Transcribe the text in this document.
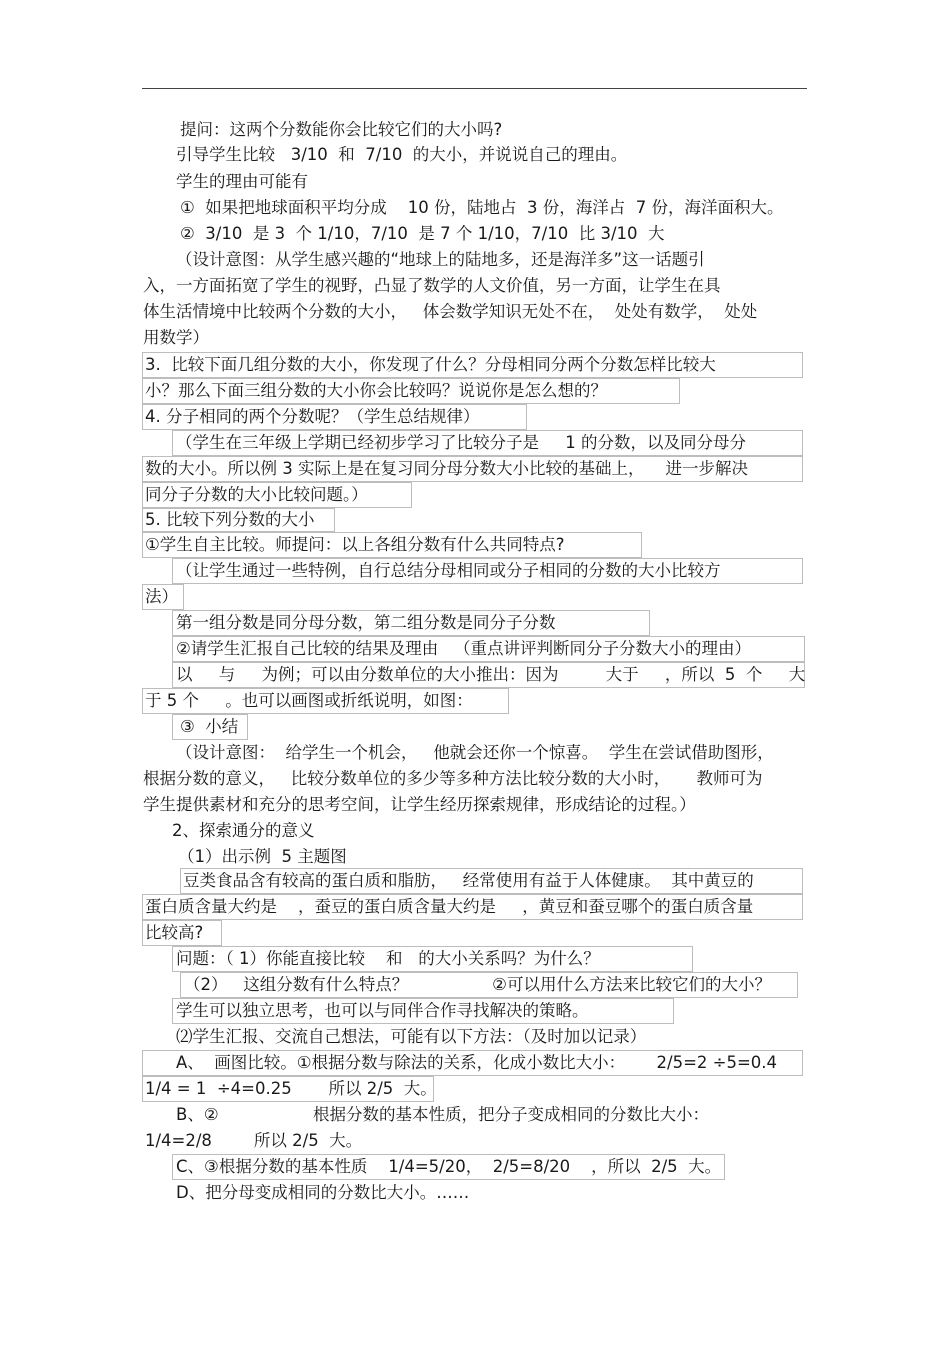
提问：这两个分数能你会比较它们的大小吗?
引导学生比较   3/10  和  7/10  的大小，并说说自己的理由。
学生的理由可能有
①  如果把地球面积平均分成    10 份，陆地占  3 份，海洋占  7 份，海洋面积大。
②  3/10  是 3  个 1/10，7/10  是 7 个 1/10，7/10  比 3/10  大
（设计意图：从学生感兴趣的“地球上的陆地多，还是海洋多”这一话题引
入，一方面拓宽了学生的视野，凸显了数学的人文价值，另一方面，让学生在具
体生活情境中比较两个分数的大小，   体会数学知识无处不在，  处处有数学，  处处
用数学）
3.  比较下面几组分数的大小，你发现了什么？分母相同分两个分数怎样比较大
小？那么下面三组分数的大小你会比较吗？说说你是怎么想的？
4. 分子相同的两个分数呢？（学生总结规律）
（学生在三年级上学期已经初步学习了比较分子是     1 的分数，以及同分母分
数的大小。所以例 3 实际上是在复习同分母分数大小比较的基础上，    进一步解决
同分子分数的大小比较问题。）
5. 比较下列分数的大小
①学生自主比较。师提问：以上各组分数有什么共同特点?
（让学生通过一些特例，自行总结分母相同或分子相同的分数的大小比较方
法）
第一组分数是同分母分数，第二组分数是同分子分数
②请学生汇报自己比较的结果及理由   （重点讲评判断同分子分数大小的理由）
以     与     为例；可以由分数单位的大小推出：因为         大于     ，所以  5  个     大
于 5 个     。也可以画图或折纸说明，如图：
③  小结
（设计意图：  给学生一个机会，   他就会还你一个惊喜。  学生在尝试借助图形，
根据分数的意义，   比较分数单位的多少等多种方法比较分数的大小时，     教师可为
学生提供素材和充分的思考空间，让学生经历探索规律，形成结论的过程。）
2、探索通分的意义
（1）出示例  5 主题图
豆类食品含有较高的蛋白质和脂肪，   经常使用有益于人体健康。  其中黄豆的
蛋白质含量大约是    ，蚕豆的蛋白质含量大约是     ，黄豆和蚕豆哪个的蛋白质含量
比较高?
问题：（ 1）你能直接比较    和   的大小关系吗？为什么？
（2）   这组分数有什么特点？                ②可以用什么方法来比较它们的大小？
学生可以独立思考，也可以与同伴合作寻找解决的策略。
⑵学生汇报、交流自己想法，可能有以下方法：（及时加以记录）
A、  画图比较。①根据分数与除法的关系，化成小数比大小：      2/5=2 ÷5=0.4
1/4 = 1  ÷4=0.25       所以 2/5  大。
B、②                  根据分数的基本性质，把分子变成相同的分数比大小：
1/4=2/8        所以 2/5  大。
C、③根据分数的基本性质    1/4=5/20，  2/5=8/20    ，所以  2/5  大。
D、把分母变成相同的分数比大小。……
